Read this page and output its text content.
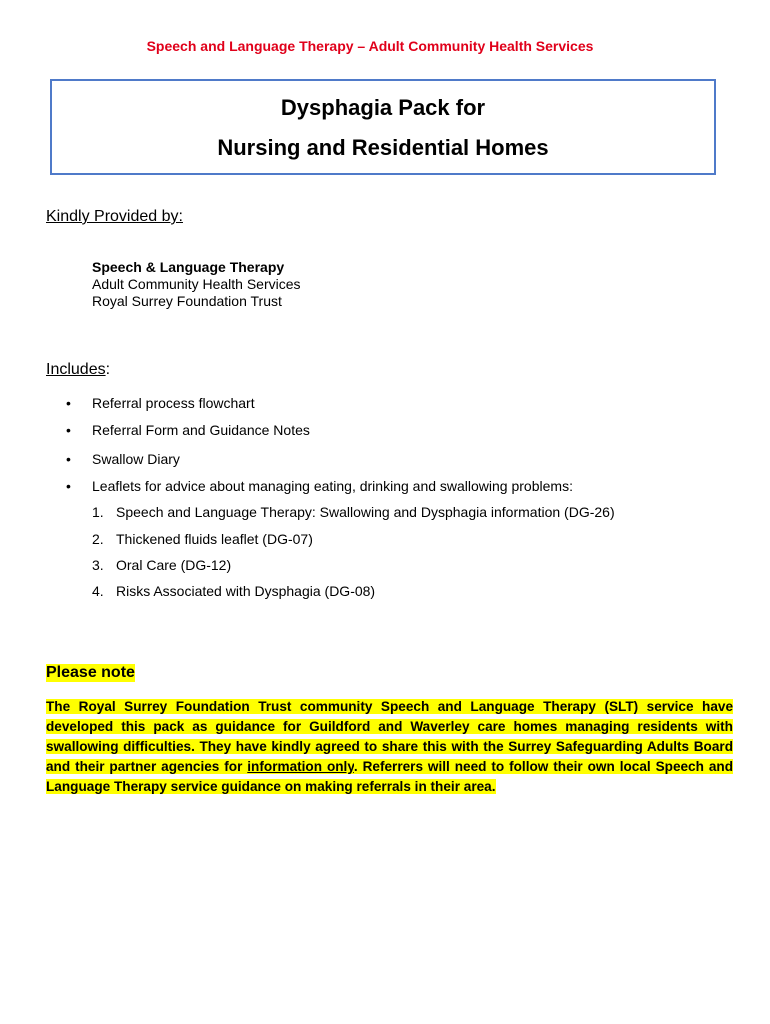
Speech and Language Therapy – Adult Community Health Services
Dysphagia Pack for
Nursing and Residential Homes
Kindly Provided by:
Speech & Language Therapy
Adult Community Health Services
Royal Surrey Foundation Trust
Includes:
• Referral process flowchart
• Referral Form and Guidance Notes
• Swallow Diary
• Leaflets for advice about managing eating, drinking and swallowing problems:
1. Speech and Language Therapy: Swallowing and Dysphagia information (DG-26)
2. Thickened fluids leaflet (DG-07)
3. Oral Care (DG-12)
4. Risks Associated with Dysphagia (DG-08)
Please note
The Royal Surrey Foundation Trust community Speech and Language Therapy (SLT) service have developed this pack as guidance for Guildford and Waverley care homes managing residents with swallowing difficulties. They have kindly agreed to share this with the Surrey Safeguarding Adults Board and their partner agencies for information only. Referrers will need to follow their own local Speech and Language Therapy service guidance on making referrals in their area.
